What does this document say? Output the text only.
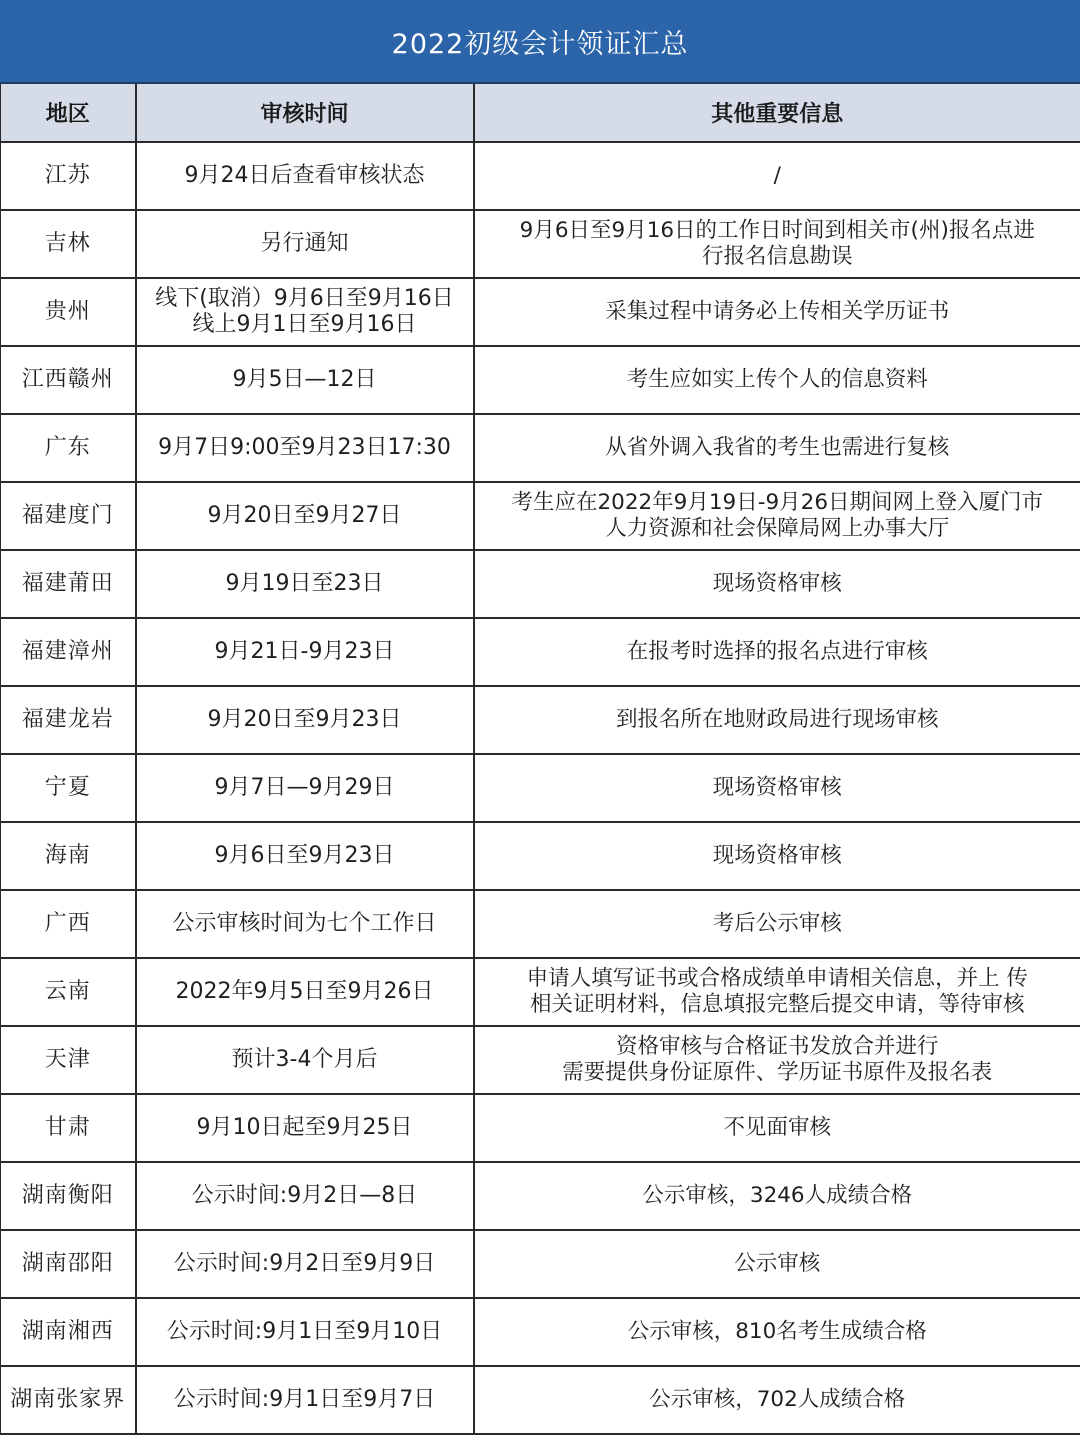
2022初级会计领证汇总
地区	审核时间	其他重要信息
江苏	9月24日后查看审核状态	/
吉林	另行通知	9月6日至9月16日的工作日时间到相关市(州)报名点进
行报名信息勘误
贵州	线下(取消）9月6日至9月16日
线上9月1日至9月16日	采集过程中请务必上传相关学历证书
江西赣州	9月5日—12日	考生应如实上传个人的信息资料
广东	9月7日9:00至9月23日17:30	从省外调入我省的考生也需进行复核
福建度门	9月20日至9月27日	考生应在2022年9月19日-9月26日期间网上登入厦门市
人力资源和社会保障局网上办事大厅
福建莆田	9月19日至23日	现场资格审核
福建漳州	9月21日-9月23日	在报考时选择的报名点进行审核
福建龙岩	9月20日至9月23日	到报名所在地财政局进行现场审核
宁夏	9月7日—9月29日	现场资格审核
海南	9月6日至9月23日	现场资格审核
广西	公示审核时间为七个工作日	考后公示审核
云南	2022年9月5日至9月26日	申请人填写证书或合格成绩单申请相关信息，并上 传
相关证明材料，信息填报完整后提交申请，等待审核
天津	预计3-4个月后	资格审核与合格证书发放合并进行
需要提供身份证原件、学历证书原件及报名表
甘肃	9月10日起至9月25日	不见面审核
湖南衡阳	公示时间:9月2日—8日	公示审核，3246人成绩合格
湖南邵阳	公示时间:9月2日至9月9日	公示审核
湖南湘西	公示时间:9月1日至9月10日	公示审核，810名考生成绩合格
湖南张家界	公示时间:9月1日至9月7日	公示审核，702人成绩合格
